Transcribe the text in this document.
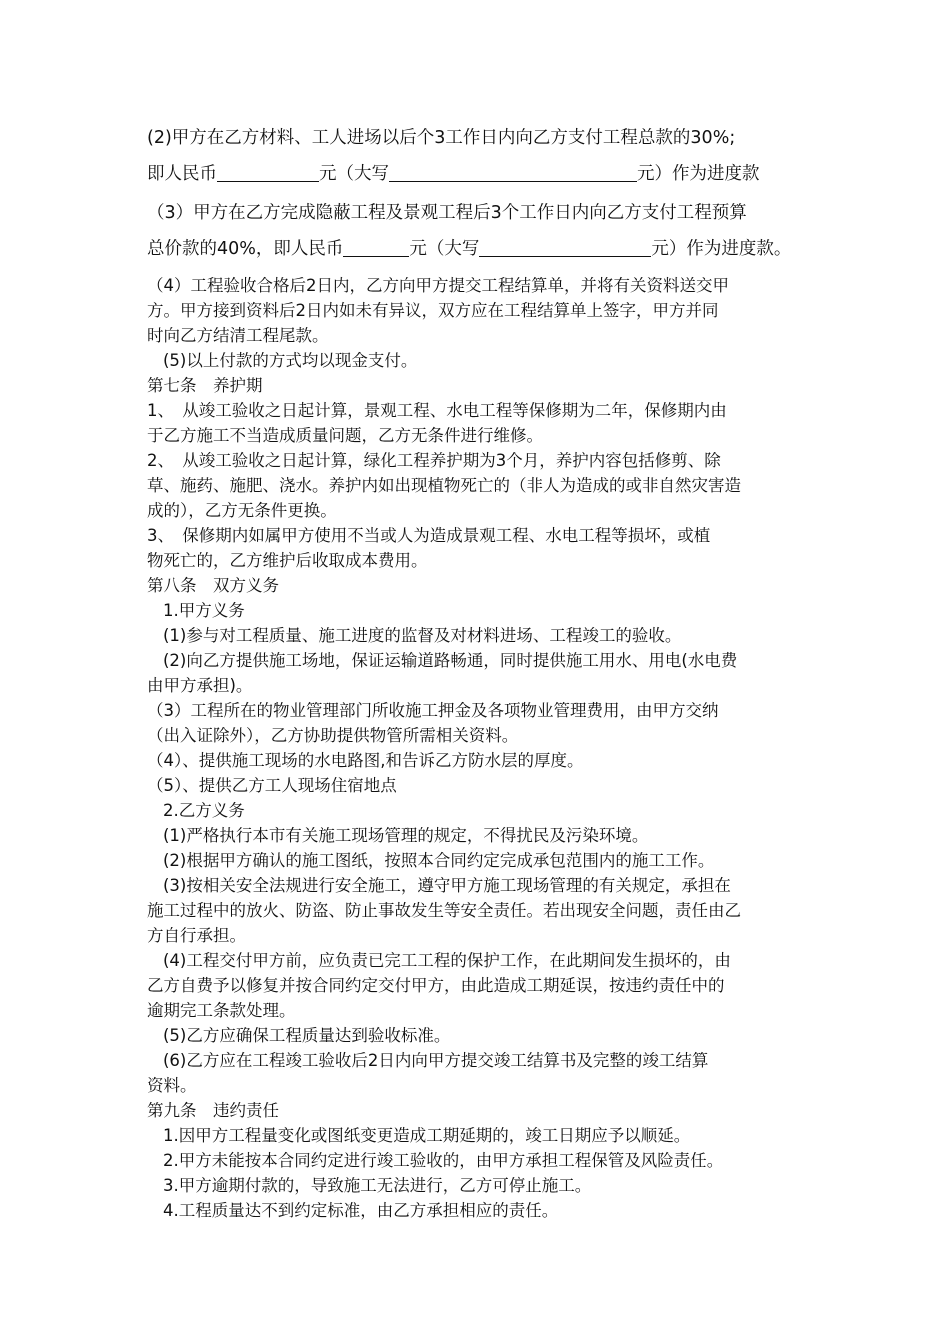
(2)甲方在乙方材料、工人进场以后个3工作日内向乙方支付工程总款的30%;
即人民币	元（大写	元）作为进度款
（3）甲方在乙方完成隐蔽工程及景观工程后3个工作日内向乙方支付工程预算
总价款的40%，即人民币	元（大写	元）作为进度款。
（4）工程验收合格后2日内，乙方向甲方提交工程结算单，并将有关资料送交甲
方。甲方接到资料后2日内如未有异议，双方应在工程结算单上签字，甲方并同
时向乙方结清工程尾款。
(5)以上付款的方式均以现金支付。
第七条　养护期
1、　从竣工验收之日起计算，景观工程、水电工程等保修期为二年，保修期内由
于乙方施工不当造成质量问题，乙方无条件进行维修。
2、　从竣工验收之日起计算，绿化工程养护期为3个月，养护内容包括修剪、除
草、施药、施肥、浇水。养护内如出现植物死亡的（非人为造成的或非自然灾害造
成的），乙方无条件更换。
3、　保修期内如属甲方使用不当或人为造成景观工程、水电工程等损坏，或植
物死亡的，乙方维护后收取成本费用。
第八条　双方义务
1.甲方义务
(1)参与对工程质量、施工进度的监督及对材料进场、工程竣工的验收。
(2)向乙方提供施工场地，保证运输道路畅通，同时提供施工用水、用电(水电费
由甲方承担)。
（3）工程所在的物业管理部门所收施工押金及各项物业管理费用，由甲方交纳
（出入证除外），乙方协助提供物管所需相关资料。
（4）、提供施工现场的水电路图,和告诉乙方防水层的厚度。
（5）、提供乙方工人现场住宿地点
2.乙方义务
(1)严格执行本市有关施工现场管理的规定，不得扰民及污染环境。
(2)根据甲方确认的施工图纸，按照本合同约定完成承包范围内的施工工作。
(3)按相关安全法规进行安全施工，遵守甲方施工现场管理的有关规定，承担在
施工过程中的放火、防盗、防止事故发生等安全责任。若出现安全问题，责任由乙
方自行承担。
(4)工程交付甲方前，应负责已完工工程的保护工作，在此期间发生损坏的，由
乙方自费予以修复并按合同约定交付甲方，由此造成工期延误，按违约责任中的
逾期完工条款处理。
(5)乙方应确保工程质量达到验收标准。
(6)乙方应在工程竣工验收后2日内向甲方提交竣工结算书及完整的竣工结算
资料。
第九条　违约责任
1.因甲方工程量变化或图纸变更造成工期延期的，竣工日期应予以顺延。
2.甲方未能按本合同约定进行竣工验收的，由甲方承担工程保管及风险责任。
3.甲方逾期付款的，导致施工无法进行，乙方可停止施工。
4.工程质量达不到约定标准，由乙方承担相应的责任。
